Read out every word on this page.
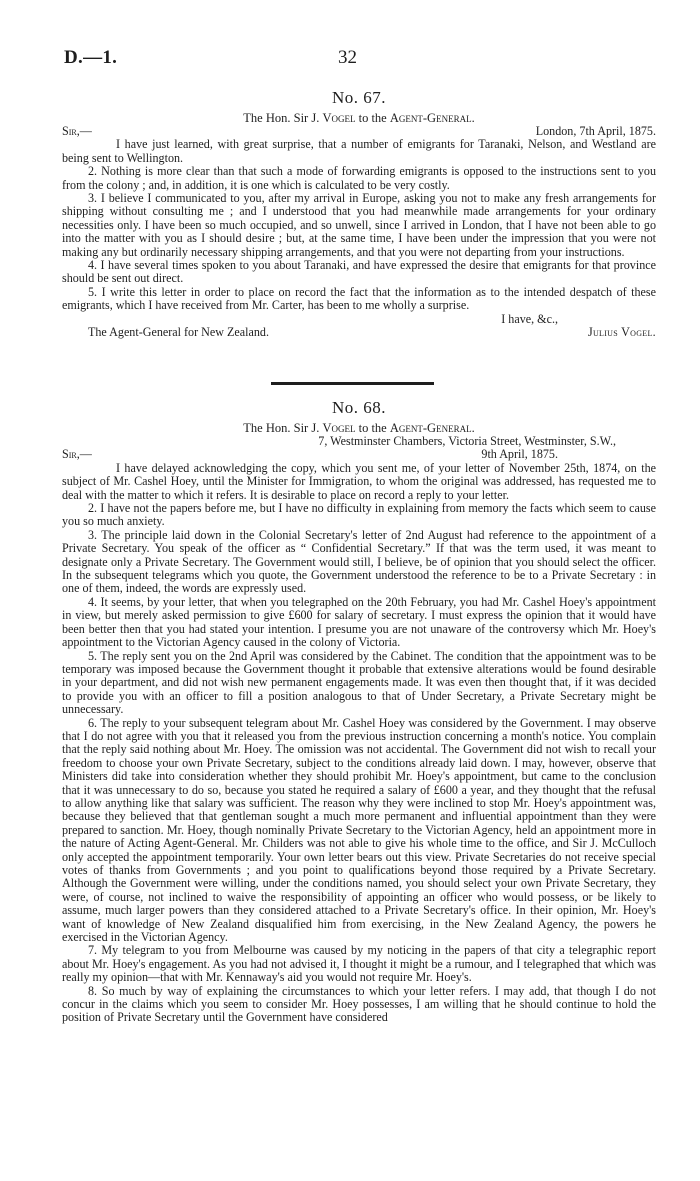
D.—1.	32
No. 67.
The Hon. Sir J. Vogel to the Agent-General.
Sir,—	London, 7th April, 1875.

I have just learned, with great surprise, that a number of emigrants for Taranaki, Nelson, and Westland are being sent to Wellington.

2. Nothing is more clear than that such a mode of forwarding emigrants is opposed to the instructions sent to you from the colony ; and, in addition, it is one which is calculated to be very costly.

3. I believe I communicated to you, after my arrival in Europe, asking you not to make any fresh arrangements for shipping without consulting me ; and I understood that you had meanwhile made arrangements for your ordinary necessities only. I have been so much occupied, and so unwell, since I arrived in London, that I have not been able to go into the matter with you as I should desire ; but, at the same time, I have been under the impression that you were not making any but ordinarily necessary shipping arrangements, and that you were not departing from your instructions.

4. I have several times spoken to you about Taranaki, and have expressed the desire that emigrants for that province should be sent out direct.

5. I write this letter in order to place on record the fact that the information as to the intended despatch of these emigrants, which I have received from Mr. Carter, has been to me wholly a surprise.

I have, &c.,
The Agent-General for New Zealand.	Julius Vogel.
No. 68.
The Hon. Sir J. Vogel to the Agent-General.
7, Westminster Chambers, Victoria Street, Westminster, S.W.,
Sir,—	9th April, 1875.

I have delayed acknowledging the copy, which you sent me, of your letter of November 25th, 1874, on the subject of Mr. Cashel Hoey, until the Minister for Immigration, to whom the original was addressed, has requested me to deal with the matter to which it refers. It is desirable to place on record a reply to your letter.

2. I have not the papers before me, but I have no difficulty in explaining from memory the facts which seem to cause you so much anxiety.

3. The principle laid down in the Colonial Secretary's letter of 2nd August had reference to the appointment of a Private Secretary. You speak of the officer as “ Confidential Secretary.” If that was the term used, it was meant to designate only a Private Secretary. The Government would still, I believe, be of opinion that you should select the officer. In the subsequent telegrams which you quote, the Government understood the reference to be to a Private Secretary : in one of them, indeed, the words are expressly used.

4. It seems, by your letter, that when you telegraphed on the 20th February, you had Mr. Cashel Hoey's appointment in view, but merely asked permission to give £600 for salary of secretary. I must express the opinion that it would have been better then that you had stated your intention. I presume you are not unaware of the controversy which Mr. Hoey's appointment to the Victorian Agency caused in the colony of Victoria.

5. The reply sent you on the 2nd April was considered by the Cabinet. The condition that the appointment was to be temporary was imposed because the Government thought it probable that extensive alterations would be found desirable in your department, and did not wish new permanent engagements made. It was even then thought that, if it was decided to provide you with an officer to fill a position analogous to that of Under Secretary, a Private Secretary might be unnecessary.

6. The reply to your subsequent telegram about Mr. Cashel Hoey was considered by the Government. I may observe that I do not agree with you that it released you from the previous instruction concerning a month's notice. You complain that the reply said nothing about Mr. Hoey. The omission was not accidental. The Government did not wish to recall your freedom to choose your own Private Secretary, subject to the conditions already laid down. I may, however, observe that Ministers did take into consideration whether they should prohibit Mr. Hoey's appointment, but came to the conclusion that it was unnecessary to do so, because you stated he required a salary of £600 a year, and they thought that the refusal to allow anything like that salary was sufficient. The reason why they were inclined to stop Mr. Hoey's appointment was, because they believed that that gentleman sought a much more permanent and influential appointment than they were prepared to sanction. Mr. Hoey, though nominally Private Secretary to the Victorian Agency, held an appointment more in the nature of Acting Agent-General. Mr. Childers was not able to give his whole time to the office, and Sir J. McCulloch only accepted the appointment temporarily. Your own letter bears out this view. Private Secretaries do not receive special votes of thanks from Governments ; and you point to qualifications beyond those required by a Private Secretary. Although the Government were willing, under the conditions named, you should select your own Private Secretary, they were, of course, not inclined to waive the responsibility of appointing an officer who would possess, or be likely to assume, much larger powers than they considered attached to a Private Secretary's office. In their opinion, Mr. Hoey's want of knowledge of New Zealand disqualified him from exercising, in the New Zealand Agency, the powers he exercised in the Victorian Agency.

7. My telegram to you from Melbourne was caused by my noticing in the papers of that city a telegraphic report about Mr. Hoey's engagement. As you had not advised it, I thought it might be a rumour, and I telegraphed that which was really my opinion—that with Mr. Kennaway's aid you would not require Mr. Hoey's.

8. So much by way of explaining the circumstances to which your letter refers. I may add, that though I do not concur in the claims which you seem to consider Mr. Hoey possesses, I am willing that he should continue to hold the position of Private Secretary until the Government have considered
